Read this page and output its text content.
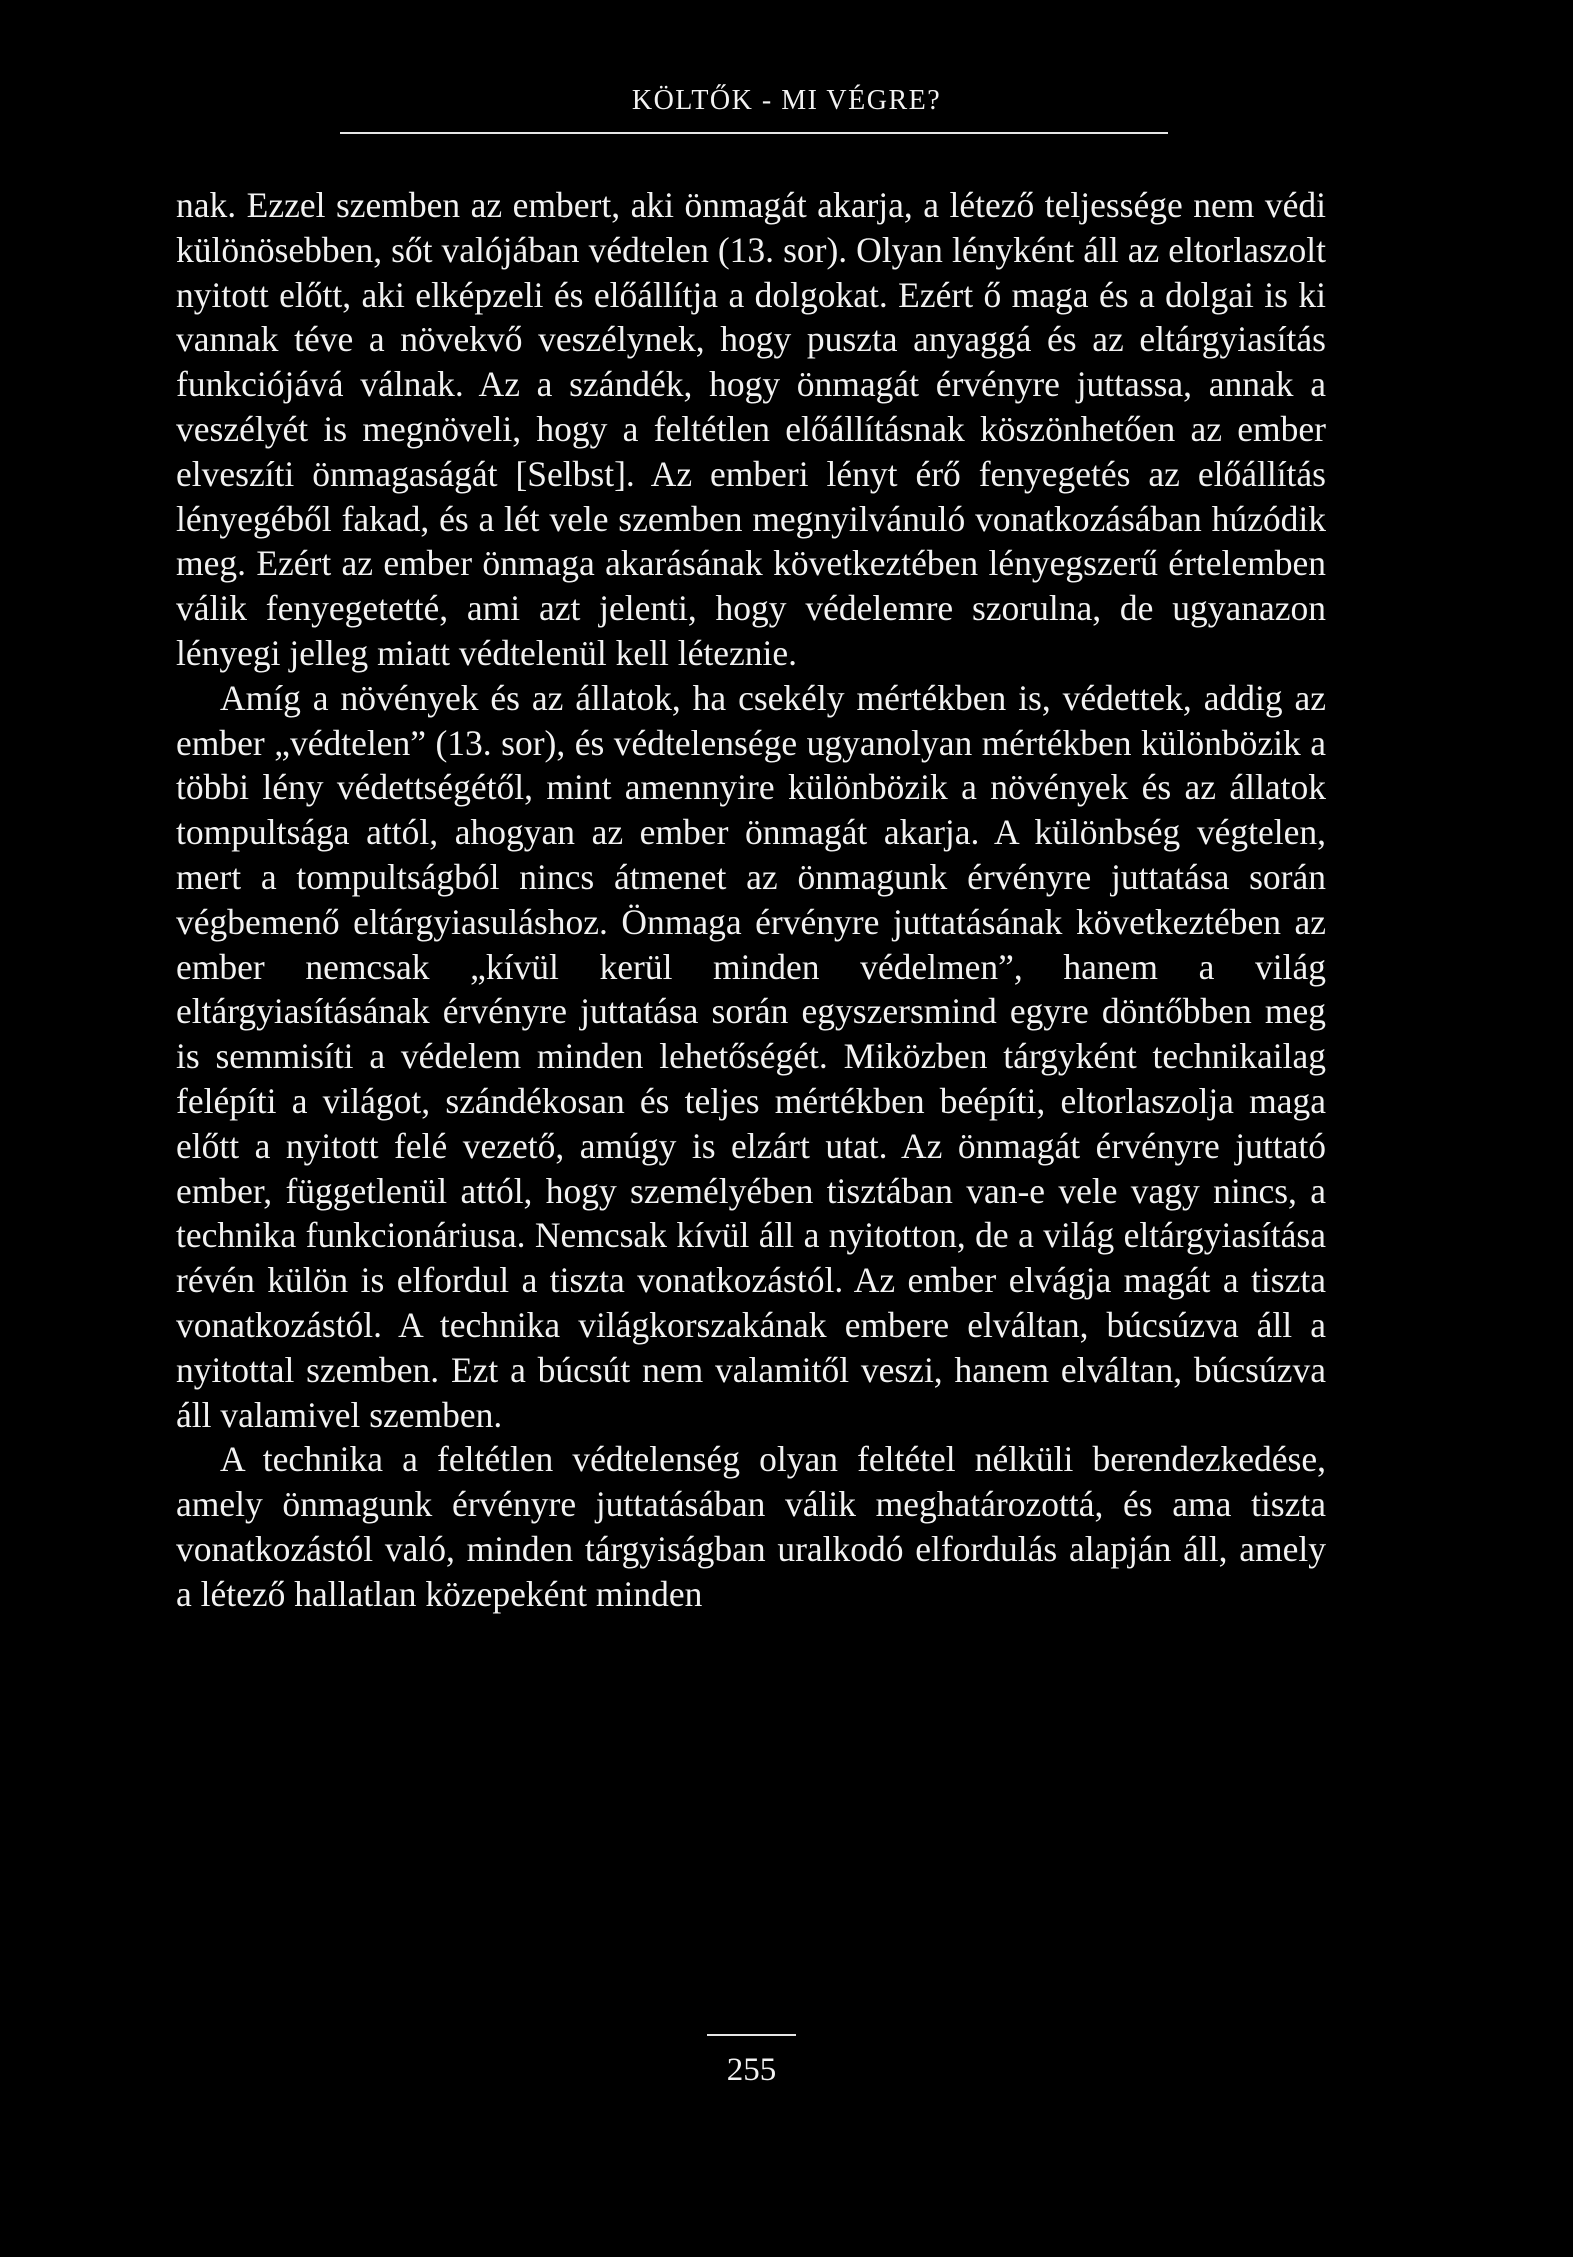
KÖLTŐK - MI VÉGRE?

nak. Ezzel szemben az embert, aki önmagát akarja, a létező teljessége nem védi különösebben, sőt valójában védtelen (13. sor). Olyan lényként áll az eltorlaszolt nyitott előtt, aki elképzeli és előállítja a dolgokat. Ezért ő maga és a dolgai is ki vannak téve a növekvő veszélynek, hogy puszta anyaggá és az eltárgyiasítás funkciójává válnak. Az a szándék, hogy önmagát érvényre juttassa, annak a veszélyét is megnöveli, hogy a feltétlen előállításnak köszönhetően az ember elveszíti önmagaságát [Selbst]. Az emberi lényt érő fenyegetés az előállítás lényegéből fakad, és a lét vele szemben megnyilvánuló vonatkozásában húzódik meg. Ezért az ember önmaga akarásának következtében lényegszerű értelemben válik fenyegetetté, ami azt jelenti, hogy védelemre szorulna, de ugyanazon lényegi jelleg miatt védtelenül kell léteznie.

Amíg a növények és az állatok, ha csekély mértékben is, védettek, addig az ember „védtelen” (13. sor), és védtelensége ugyanolyan mértékben különbözik a többi lény védettségétől, mint amennyire különbözik a növények és az állatok tompultsága attól, ahogyan az ember önmagát akarja. A különbség végtelen, mert a tompultságból nincs átmenet az önmagunk érvényre juttatása során végbemenő eltárgyiasuláshoz. Önmaga érvényre juttatásának következtében az ember nemcsak „kívül kerül minden védelmen”, hanem a világ eltárgyiasításának érvényre juttatása során egyszersmind egyre döntőbben meg is semmisíti a védelem minden lehetőségét. Miközben tárgyként technikailag felépíti a világot, szándékosan és teljes mértékben beépíti, eltorlaszolja maga előtt a nyitott felé vezető, amúgy is elzárt utat. Az önmagát érvényre juttató ember, függetlenül attól, hogy személyében tisztában van-e vele vagy nincs, a technika funkcionáriusa. Nemcsak kívül áll a nyitotton, de a világ eltárgyiasítása révén külön is elfordul a tiszta vonatkozástól. Az ember elvágja magát a tiszta vonatkozástól. A technika világkorszakának embere elváltan, búcsúzva áll a nyitottal szemben. Ezt a búcsút nem valamitől veszi, hanem elváltan, búcsúzva áll valamivel szemben.

A technika a feltétlen védtelenség olyan feltétel nélküli berendezkedése, amely önmagunk érvényre juttatásában válik meghatározottá, és ama tiszta vonatkozástól való, minden tárgyiságban uralkodó elfordulás alapján áll, amely a létező hallatlan közepeként minden

255
